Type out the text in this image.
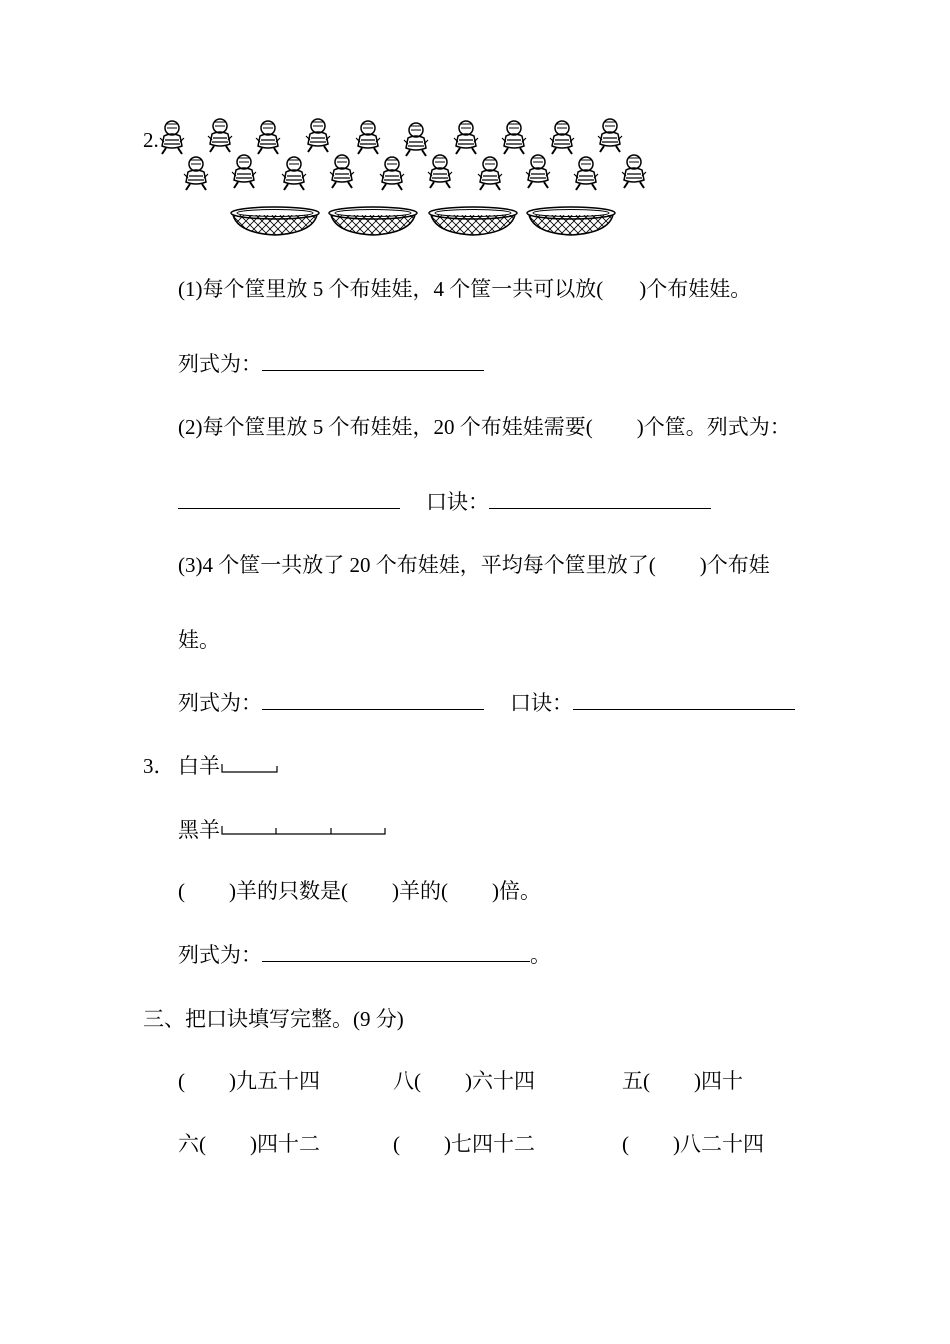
2.
(1)每个筐里放 5 个布娃娃，4 个筐一共可以放( )个布娃娃。
列式为：
(2)每个筐里放 5 个布娃娃，20 个布娃娃需要( )个筐。列式为：
口诀：
(3)4 个筐一共放了 20 个布娃娃，平均每个筐里放了( )个布娃
娃。
列式为：	口诀：
3． 白羊
黑羊
( )羊的只数是( )羊的( )倍。
列式为：	。
三、把口诀填写完整。(9 分)
( )九五十四	八( )六十四	五( )四十
六( )四十二	( )七四十二	( )八二十四
